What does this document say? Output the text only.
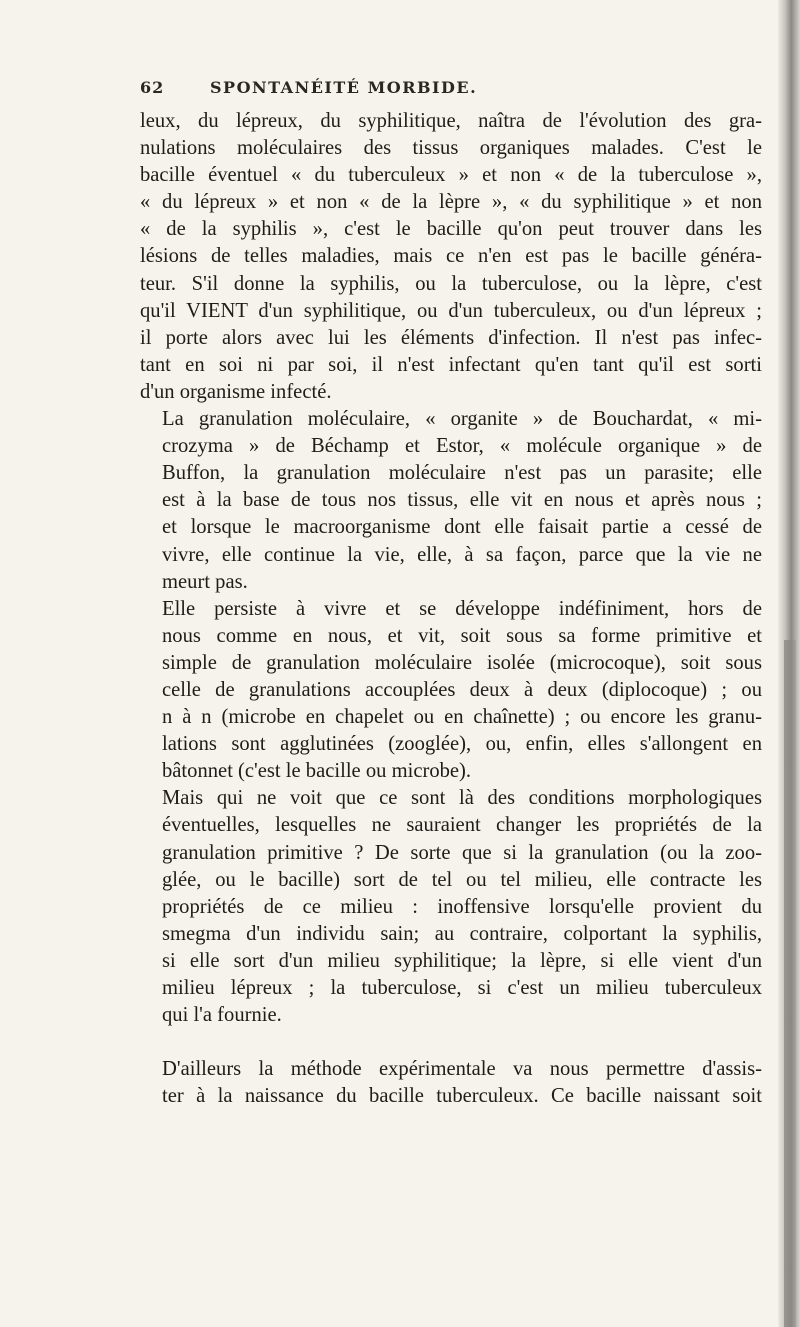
62	SPONTANÉITÉ MORBIDE.

leux, du lépreux, du syphilitique, naîtra de l'évolution des gra-
nulations moléculaires des tissus organiques malades. C'est le
bacille éventuel « du tuberculeux » et non « de la tuberculose »,
« du lépreux » et non « de la lèpre », « du syphilitique » et non
« de la syphilis », c'est le bacille qu'on peut trouver dans les
lésions de telles maladies, mais ce n'en est pas le bacille généra-
teur. S'il donne la syphilis, ou la tuberculose, ou la lèpre, c'est
qu'il VIENT d'un syphilitique, ou d'un tuberculeux, ou d'un lépreux ;
il porte alors avec lui les éléments d'infection. Il n'est pas infec-
tant en soi ni par soi, il n'est infectant qu'en tant qu'il est sorti
d'un organisme infecté.

La granulation moléculaire, « organite » de Bouchardat, « mi-
crozyma » de Béchamp et Estor, « molécule organique » de
Buffon, la granulation moléculaire n'est pas un parasite; elle
est à la base de tous nos tissus, elle vit en nous et après nous ;
et lorsque le macroorganisme dont elle faisait partie a cessé de
vivre, elle continue la vie, elle, à sa façon, parce que la vie ne
meurt pas.

Elle persiste à vivre et se développe indéfiniment, hors de
nous comme en nous, et vit, soit sous sa forme primitive et
simple de granulation moléculaire isolée (microcoque), soit sous
celle de granulations accouplées deux à deux (diplocoque) ; ou
n à n (microbe en chapelet ou en chaînette) ; ou encore les granu-
lations sont agglutinées (zooglée), ou, enfin, elles s'allongent en
bâtonnet (c'est le bacille ou microbe).

Mais qui ne voit que ce sont là des conditions morphologiques
éventuelles, lesquelles ne sauraient changer les propriétés de la
granulation primitive ? De sorte que si la granulation (ou la zoo-
glée, ou le bacille) sort de tel ou tel milieu, elle contracte les
propriétés de ce milieu : inoffensive lorsqu'elle provient du
smegma d'un individu sain; au contraire, colportant la syphilis,
si elle sort d'un milieu syphilitique; la lèpre, si elle vient d'un
milieu lépreux ; la tuberculose, si c'est un milieu tuberculeux
qui l'a fournie.

D'ailleurs la méthode expérimentale va nous permettre d'assis-
ter à la naissance du bacille tuberculeux. Ce bacille naissant soit
